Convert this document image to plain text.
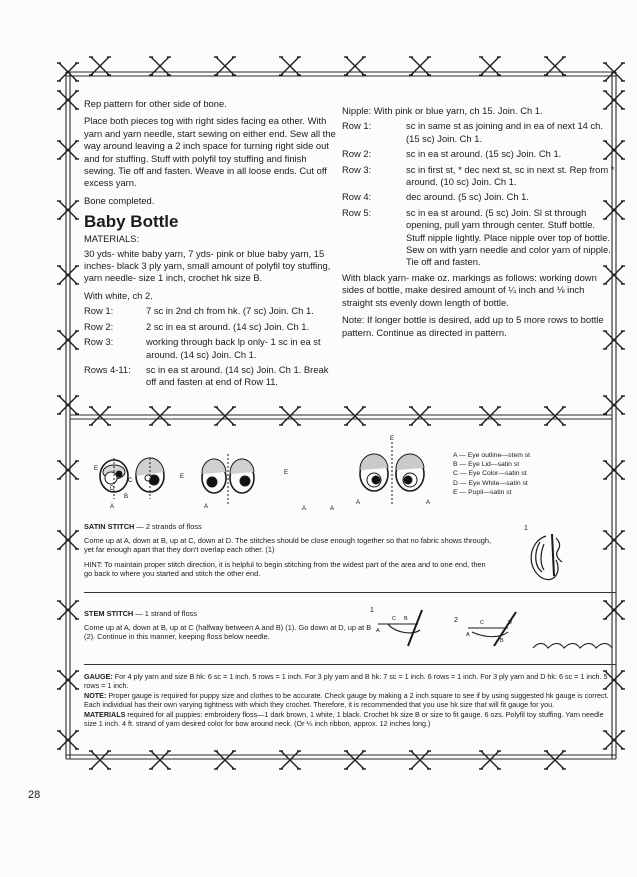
Rep pattern for other side of bone.

Place both pieces tog with right sides facing ea other. With yarn and yarn needle, start sewing on either end. Sew all the way around leaving a 2 inch space for turning right side out and for stuffing. Stuff with polyfil toy stuffing and finish sewing. Tie off and fasten. Weave in all loose ends. Cut off excess yarn.

Bone completed.

Baby Bottle

MATERIALS:

30 yds- white baby yarn, 7 yds- pink or blue baby yarn, 15 inches- black 3 ply yarn, small amount of polyfil toy stuffing, yarn needle- size 1 inch, crochet hk size B.

With white, ch 2.

Row 1:	7 sc in 2nd ch from hk. (7 sc) Join. Ch 1.
Row 2:	2 sc in ea st around. (14 sc) Join. Ch 1.
Row 3:	working through back lp only- 1 sc in ea st around. (14 sc) Join. Ch 1.
Rows 4-11:	sc in ea st around. (14 sc) Join. Ch 1. Break off and fasten at end of Row 11.

Nipple: With pink or blue yarn, ch 15. Join. Ch 1.

Row 1:	sc in same st as joining and in ea of next 14 ch. (15 sc) Join. Ch 1.
Row 2:	sc in ea st around. (15 sc) Join. Ch 1.
Row 3:	sc in first st, * dec next st, sc in next st. Rep from * around. (10 sc) Join. Ch 1.
Row 4:	dec around. (5 sc) Join. Ch 1.
Row 5:	sc in ea st around. (5 sc) Join. Sl st through opening, pull yarn through center. Stuff bottle. Stuff nipple lightly. Place nipple over top of bottle. Sew on with yarn needle and color yarn of nipple. Tie off and fasten.

With black yarn- make oz. markings as follows: working down sides of bottle, make desired amount of ¼ inch and ⅛ inch straight sts evenly down length of bottle.

Note: If longer bottle is desired, add up to 5 more rows to bottle pattern. Continue as directed in pattern.

E
A
B
C
D
E
A
E
A	A
A
E
A
A — Eye outline—stem st
B — Eye Lid—satin st
C — Eye Color—satin st
D — Eye White—satin st
E — Pupil—satin st
SATIN STITCH — 2 strands of floss
Come up at A, down at B, up at C, down at D. The stitches should be close enough together so that no fabric shows through, yet far enough apart that they don't overlap each other. (1)
HINT: To maintain proper stitch direction, it is helpful to begin stitching from the widest part of the area and to one end, then go back to where you started and stitch the other end.
1
STEM STITCH — 1 strand of floss
Come up at A, down at B, up at C (halfway between A and B) (1). Go down at D, up at B (2). Continue in this manner, keeping floss below needle.
1
2
A
B
C
A
C	D
B

GAUGE: For 4 ply yarn and size B hk: 6 sc = 1 inch. 5 rows = 1 inch. For 3 ply yarn and B hk: 7 sc = 1 inch. 6 rows = 1 inch. For 3 ply yarn and D hk: 6 sc = 1 inch. 5 rows = 1 inch.

NOTE: Proper gauge is required for puppy size and clothes to be accurate. Check gauge by making a 2 inch square to see if by using suggested hk gauge is correct. Each individual has their own varying tightness with which they crochet. Therefore, it is recommended that you use hk size that will fit gauge for you.

MATERIALS required for all puppies: embroidery floss—1 dark brown, 1 white, 1 black. Crochet hk size B or size to fit gauge. 6 ozs. Polyfil toy stuffing. Yarn needle size 1 inch. 4 ft. strand of yarn desired color for bow around neck. (Or ¼ inch ribbon, approx. 12 inches long.)

28
